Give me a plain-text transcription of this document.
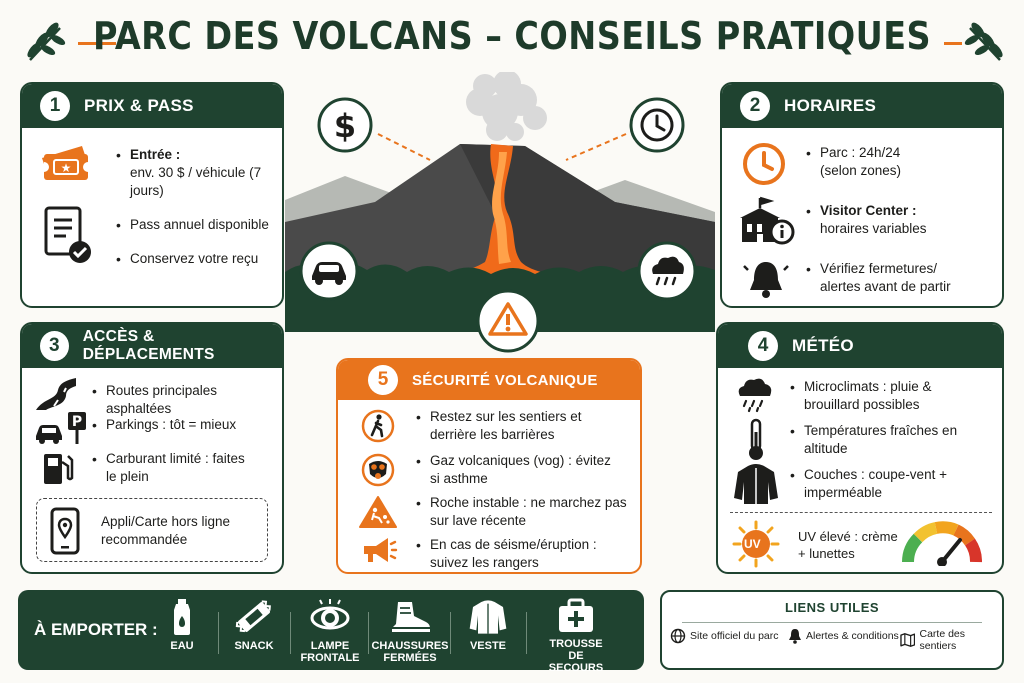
PARC DES VOLCANS – CONSEILS PRATIQUES
$
1	PRIX & PASS
★
• Entrée :
env. 30 $ / véhicule (7 jours)
• Pass annuel disponible
• Conservez votre reçu
2	HORAIRES
• Parc : 24h/24
(selon zones)
• Visitor Center :
horaires variables
• Vérifiez fermetures/ alertes avant de partir
3	ACCÈS & DÉPLACEMENTS
• Routes principales asphaltées
P
• Parkings : tôt = mieux
• Carburant limité : faites le plein
Appli/Carte hors ligne recommandée
4	MÉTÉO
• Microclimats : pluie & brouillard possibles
• Températures fraîches en altitude
• Couches : coupe-vent + imperméable
UV	UV élevé : crème + lunettes
5	SÉCURITÉ VOLCANIQUE
• Restez sur les sentiers et derrière les barrières
• Gaz volcaniques (vog) : évitez si asthme
• Roche instable : ne marchez pas sur lave récente
• En cas de séisme/éruption : suivez les rangers
À EMPORTER :
EAU	SNACK	LAMPE FRONTALE
CHAUSSURES FERMÉES
VESTE	TROUSSE DE SECOURS
LIENS UTILES
Site officiel du parc	Alertes & conditions Carte des sentiers
